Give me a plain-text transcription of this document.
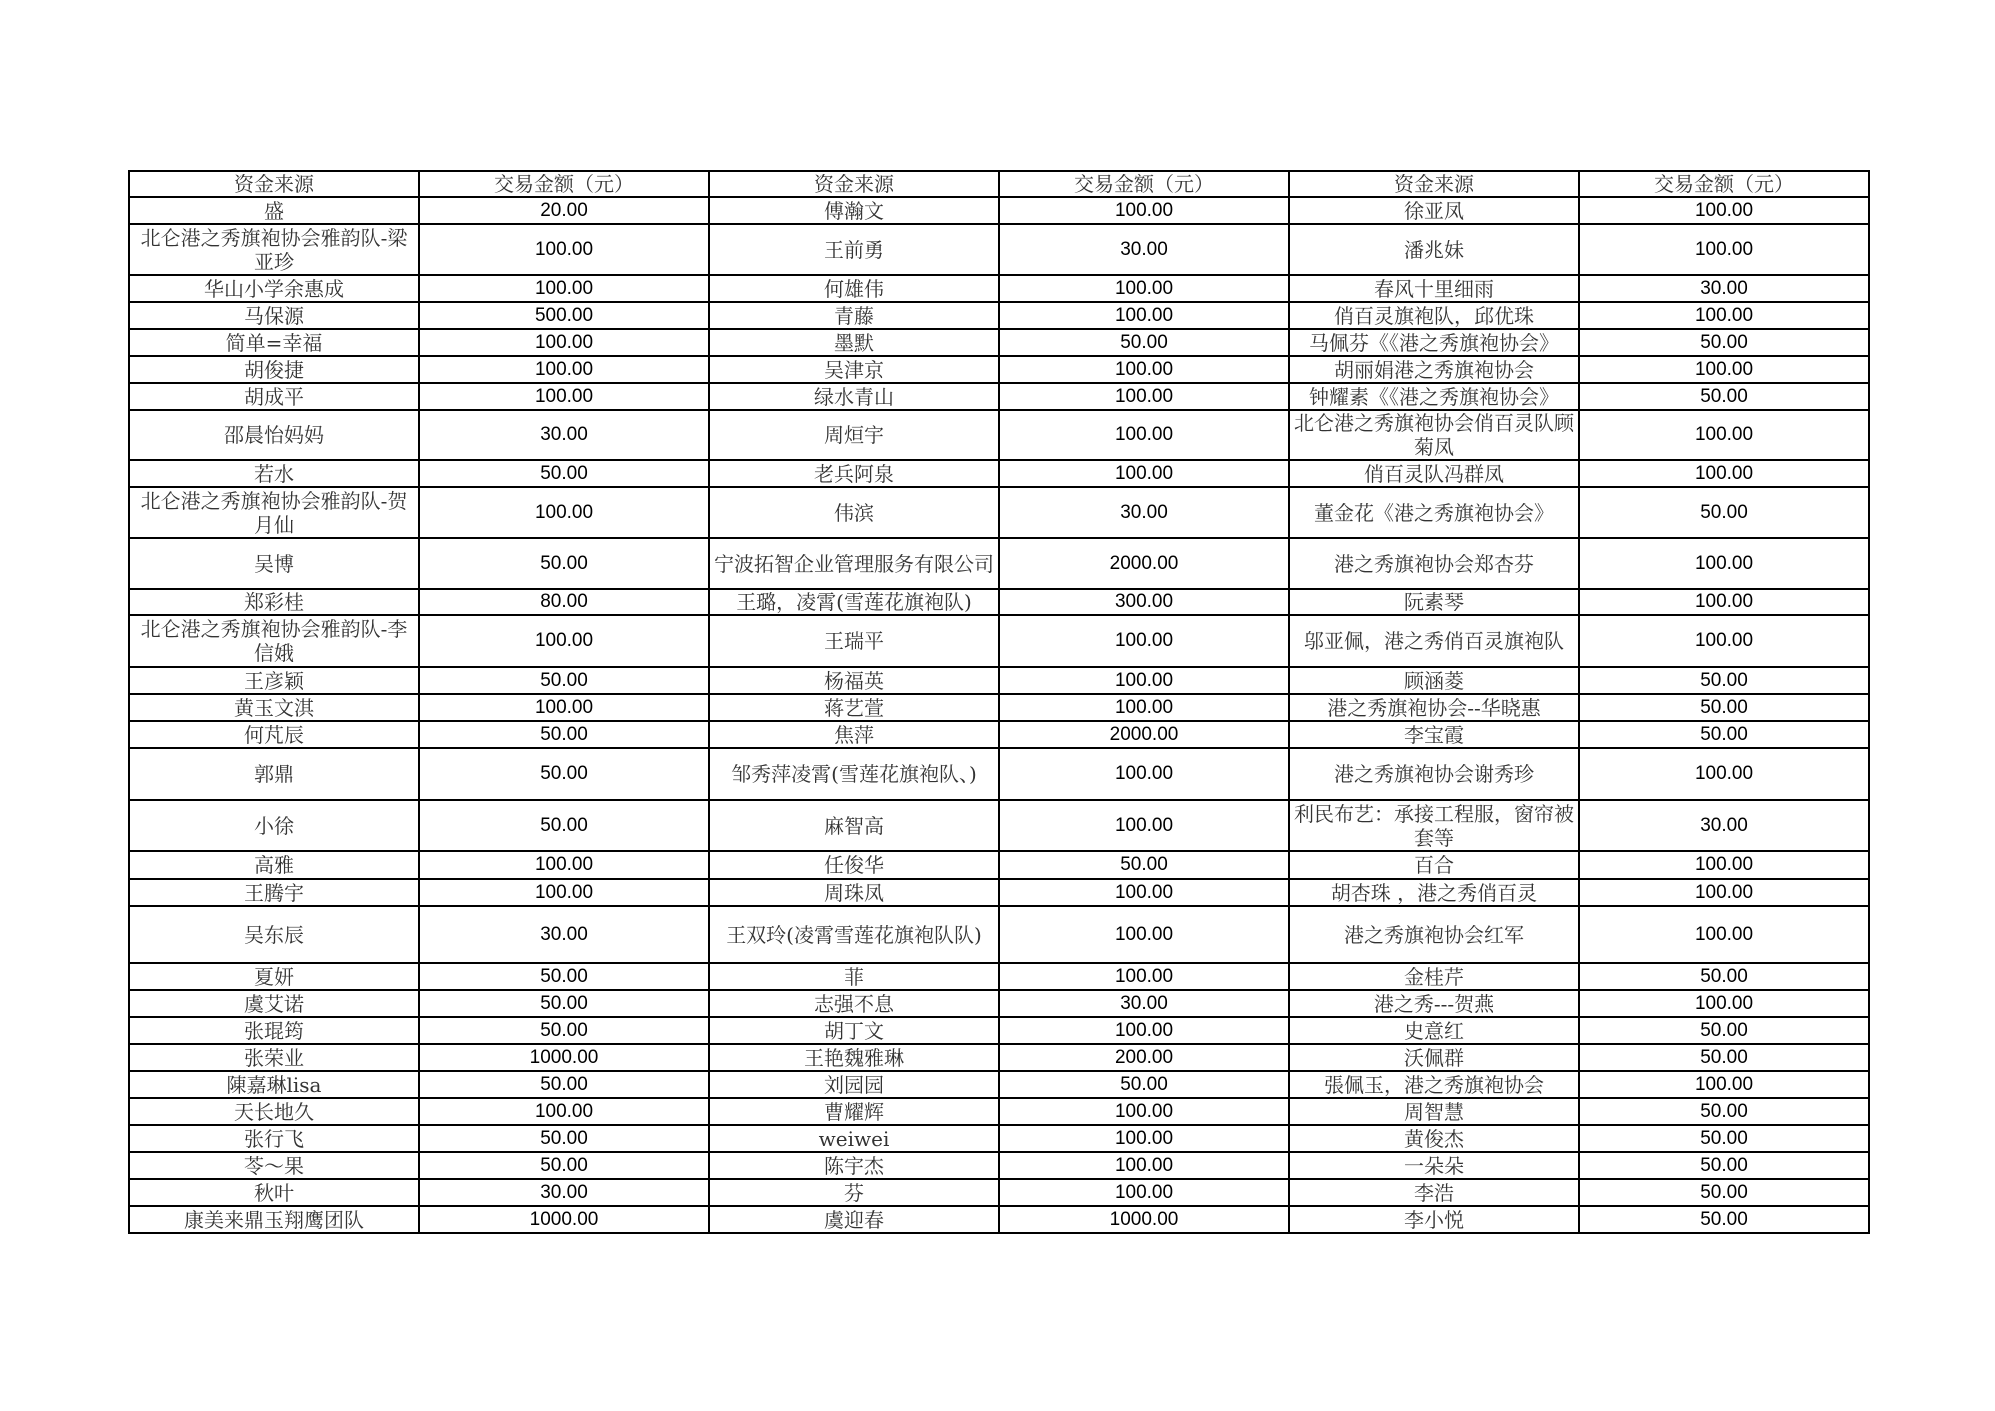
资金来源	交易金额（元）	资金来源	交易金额（元）	资金来源	交易金额（元）
盛	20.00	傅瀚文	100.00	徐亚凤	100.00
北仑港之秀旗袍协会雅韵队-梁亚珍	100.00	王前勇	30.00	潘兆妹	100.00
华山小学余惠成	100.00	何雄伟	100.00	春风十里细雨	30.00
马保源	500.00	青藤	100.00	俏百灵旗袍队，邱优珠	100.00
简单=幸福	100.00	墨默	50.00	马佩芬《《港之秀旗袍协会》	50.00
胡俊捷	100.00	吴津京	100.00	胡丽娟港之秀旗袍协会	100.00
胡成平	100.00	绿水青山	100.00	钟耀素《《港之秀旗袍协会》	50.00
邵晨怡妈妈	30.00	周烜宇	100.00	北仑港之秀旗袍协会俏百灵队顾菊凤	100.00
若水	50.00	老兵阿泉	100.00	俏百灵队冯群凤	100.00
北仑港之秀旗袍协会雅韵队-贺月仙	100.00	伟滨	30.00	董金花《港之秀旗袍协会》	50.00
吴博	50.00	宁波拓智企业管理服务有限公司	2000.00	港之秀旗袍协会郑杏芬	100.00
郑彩桂	80.00	王璐，凌霄(雪莲花旗袍队)	300.00	阮素琴	100.00
北仑港之秀旗袍协会雅韵队-李信娥	100.00	王瑞平	100.00	邬亚佩，港之秀俏百灵旗袍队	100.00
王彦颖	50.00	杨福英	100.00	顾涵菱	50.00
黄玉文淇	100.00	蒋艺萱	100.00	港之秀旗袍协会--华晓惠	50.00
何芃辰	50.00	焦萍	2000.00	李宝霞	50.00
郭鼎	50.00	邹秀萍凌霄(雪莲花旗袍队、)	100.00	港之秀旗袍协会谢秀珍	100.00
小徐	50.00	麻智高	100.00	利民布艺：承接工程服，窗帘被套等	30.00
高雅	100.00	任俊华	50.00	百合	100.00
王腾宇	100.00	周珠凤	100.00	胡杏珠 ，港之秀俏百灵	100.00
吴东辰	30.00	王双玲(凌霄雪莲花旗袍队队)	100.00	港之秀旗袍协会红军	100.00
夏妍	50.00	菲	100.00	金桂芹	50.00
虞艾诺	50.00	志强不息	30.00	港之秀---贺燕	100.00
张琨筠	50.00	胡丁文	100.00	史意红	50.00
张荣业	1000.00	王艳魏雅琳	200.00	沃佩群	50.00
陳嘉琳lisa	50.00	刘园园	50.00	張佩玉，港之秀旗袍协会	100.00
天长地久	100.00	曹耀辉	100.00	周智慧	50.00
张行飞	50.00	weiwei	100.00	黄俊杰	50.00
苓～果	50.00	陈宇杰	100.00	一朵朵	50.00
秋叶	30.00	芬	100.00	李浩	50.00
康美来鼎玉翔鹰团队	1000.00	虞迎春	1000.00	李小悦	50.00
